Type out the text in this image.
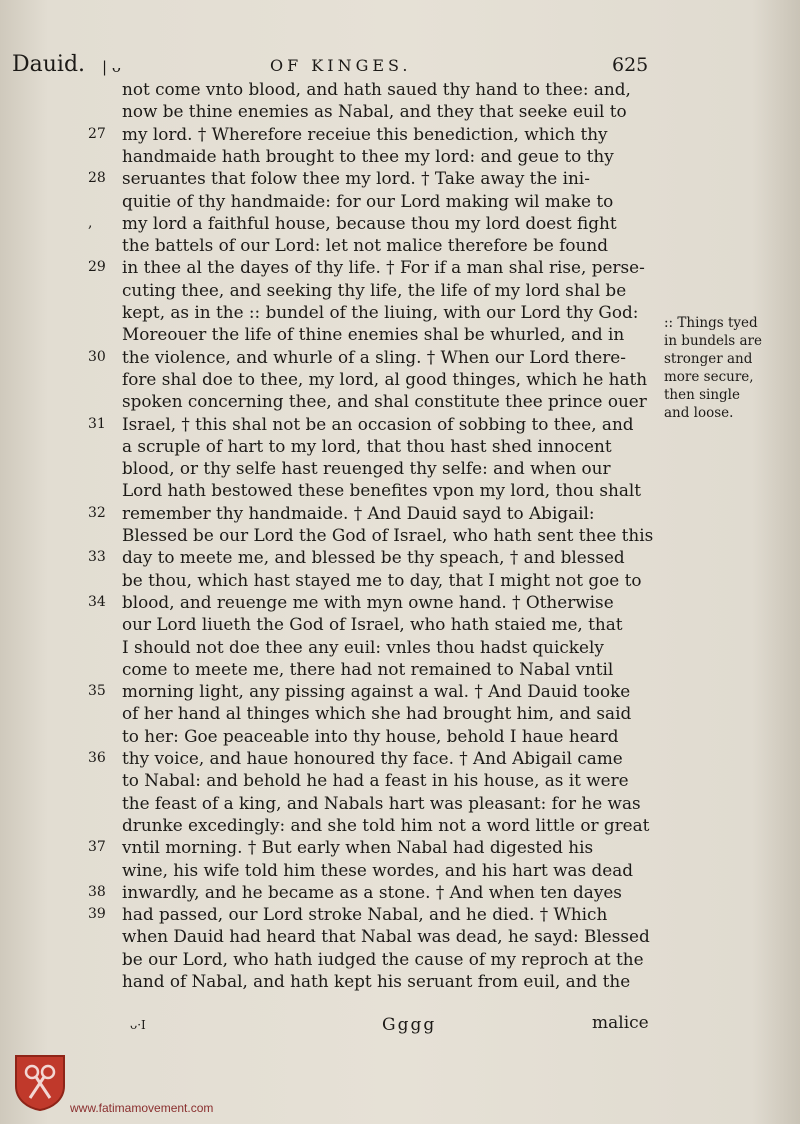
Dauid. | ᴗ	OF KINGES.	625
not come vnto blood, and hath saued thy hand to thee: and,
now be thine enemies as Nabal, and they that seeke euil to
my lord. † Wherefore receiue this benediction, which thy
handmaide hath brought to thee my lord: and geue to thy
seruantes that folow thee my lord. † Take away the ini-
quitie of thy handmaide: for our Lord making wil make to
my lord a faithful house, because thou my lord doest fight
the battels of our Lord: let not malice therefore be found
in thee al the dayes of thy life. † For if a man shal rise, perse-
cuting thee, and seeking thy life, the life of my lord shal be
kept, as in the :: bundel of the liuing, with our Lord thy God:
Moreouer the life of thine enemies shal be whurled, and in
the violence, and whurle of a sling. † When our Lord there-
fore shal doe to thee, my lord, al good thinges, which he hath
spoken concerning thee, and shal constitute thee prince ouer
Israel, † this shal not be an occasion of sobbing to thee, and
a scruple of hart to my lord, that thou hast shed innocent
blood, or thy selfe hast reuenged thy selfe: and when our
Lord hath bestowed these benefites vpon my lord, thou shalt
remember thy handmaide. † And Dauid sayd to Abigail:
Blessed be our Lord the God of Israel, who hath sent thee this
day to meete me, and blessed be thy speach, † and blessed
be thou, which hast stayed me to day, that I might not goe to
blood, and reuenge me with myn owne hand. † Otherwise
our Lord liueth the God of Israel, who hath staied me, that
I should not doe thee any euil: vnles thou hadst quickely
come to meete me, there had not remained to Nabal vntil
morning light, any pissing against a wal. † And Dauid tooke
of her hand al thinges which she had brought him, and said
to her: Goe peaceable into thy house, behold I haue heard
thy voice, and haue honoured thy face. † And Abigail came
to Nabal: and behold he had a feast in his house, as it were
the feast of a king, and Nabals hart was pleasant: for he was
drunke excedingly: and she told him not a word little or great
vntil morning. † But early when Nabal had digested his
wine, his wife told him these wordes, and his hart was dead
inwardly, and he became as a stone. † And when ten dayes
had passed, our Lord stroke Nabal, and he died. † Which
when Dauid had heard that Nabal was dead, he sayd: Blessed
be our Lord, who hath iudged the cause of my reproch at the
hand of Nabal, and hath kept his seruant from euil, and the
27
28
,
29
30
31
32
33
34
35
36
37
38
39
:: Things tyed
in bundels are
stronger and
more secure,
then single
and loose.
ᴗ·I	Gggg	malice
www.fatimamovement.com
